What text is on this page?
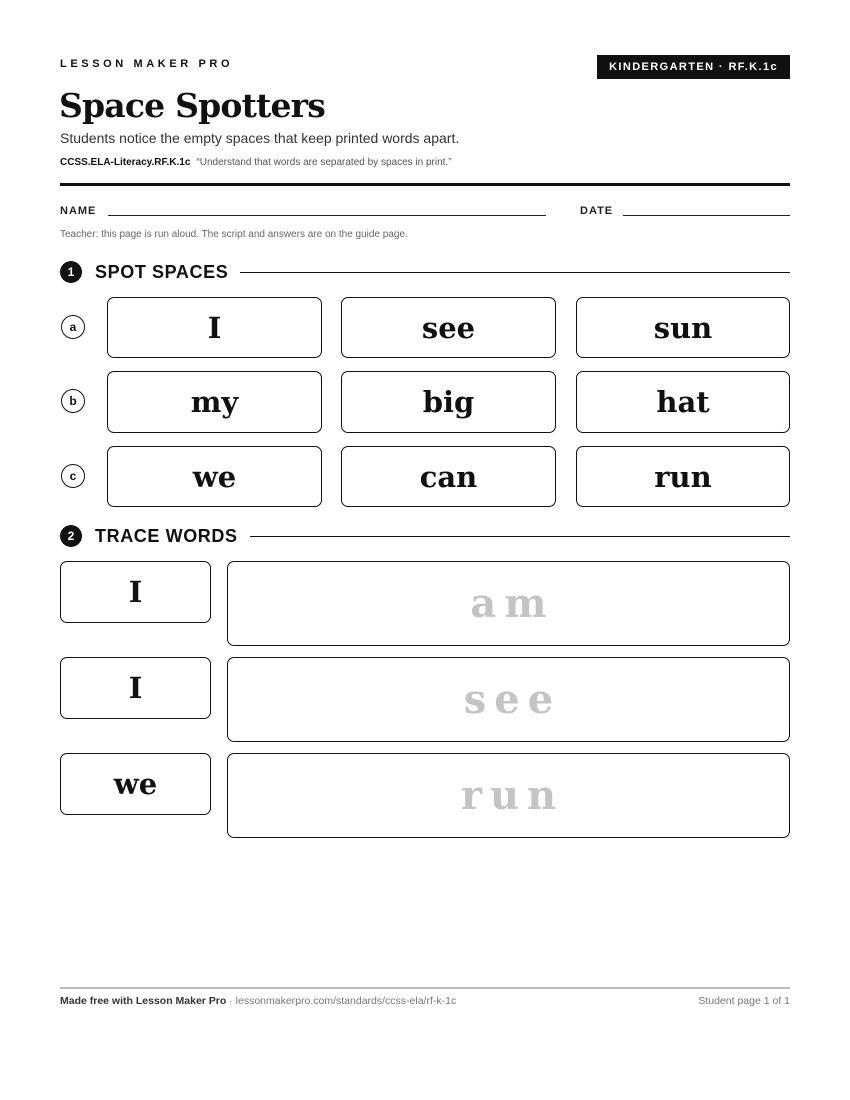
LESSON MAKER PRO	KINDERGARTEN · RF.K.1c
Space Spotters
Students notice the empty spaces that keep printed words apart.
CCSS.ELA-Literacy.RF.K.1c “Understand that words are separated by spaces in print.”
NAME	DATE
Teacher: this page is run aloud. The script and answers are on the guide page.
1	SPOT SPACES
a	I	see	sun
b	my	big	hat
c	we	can	run
2	TRACE WORDS
I	am
I	see
we	run
Made free with Lesson Maker Pro · lessonmakerpro.com/standards/ccss-ela/rf-k-1c	Student page 1 of 1
